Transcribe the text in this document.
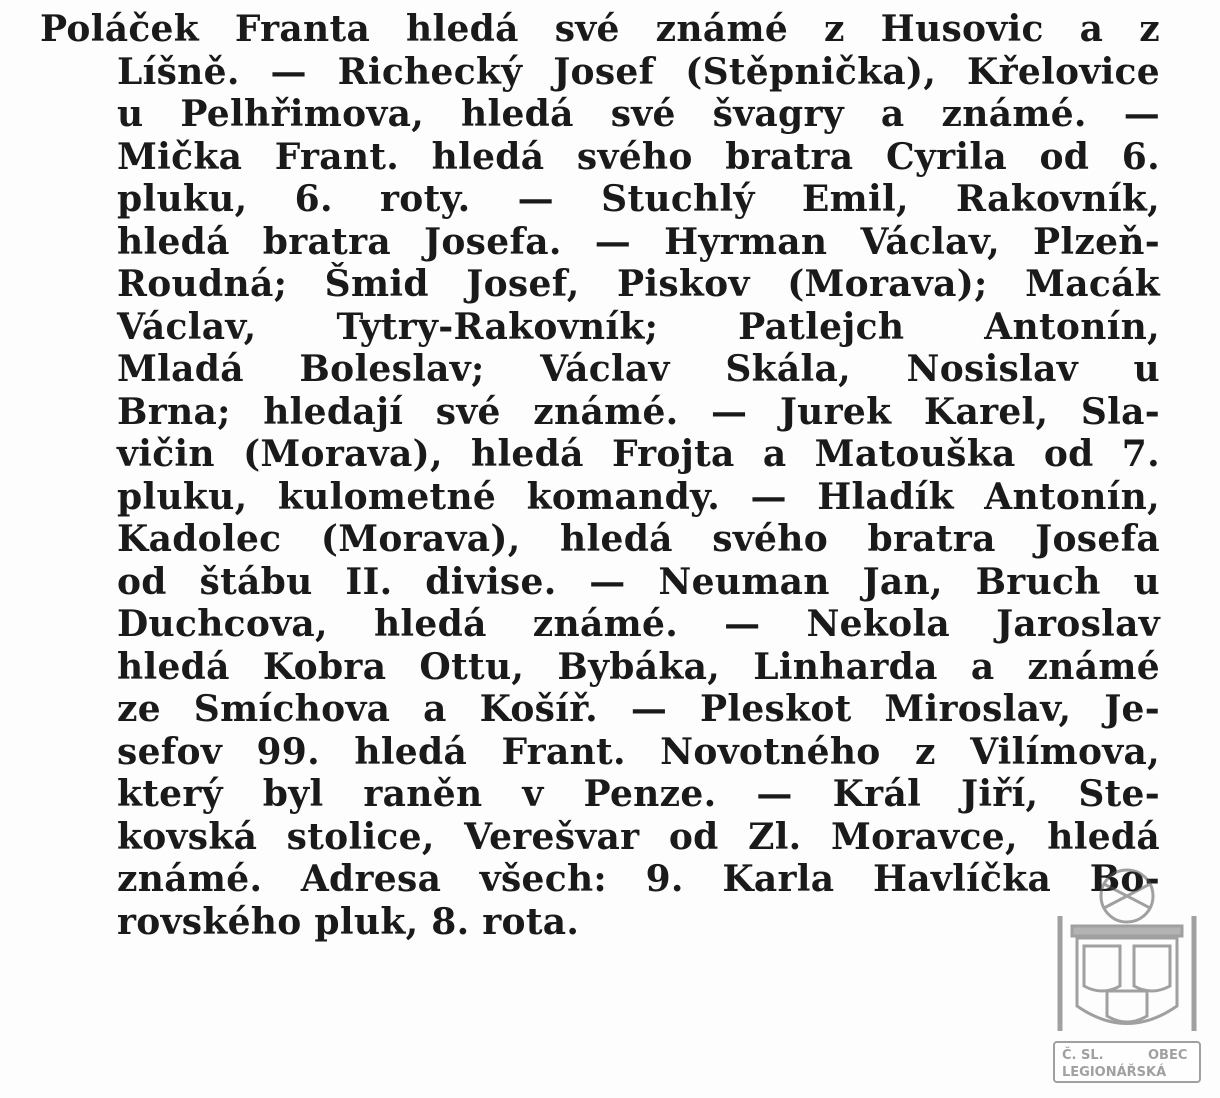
Poláček Franta hledá své známé z Husovic a z
Líšně. — Richecký Josef (Stěpnička), Křelovice
u Pelhřimova, hledá své švagry a známé. —
Mička Frant. hledá svého bratra Cyrila od 6.
pluku, 6. roty. — Stuchlý Emil, Rakovník,
hledá bratra Josefa. — Hyrman Václav, Plzeň-
Roudná; Šmid Josef, Piskov (Morava); Macák
Václav, Tytry-Rakovník; Patlejch Antonín,
Mladá Boleslav; Václav Skála, Nosislav u
Brna; hledají své známé. — Jurek Karel, Sla-
vičin (Morava), hledá Frojta a Matouška od 7.
pluku, kulometné komandy. — Hladík Antonín,
Kadolec (Morava), hledá svého bratra Josefa
od štábu II. divise. — Neuman Jan, Bruch u
Duchcova, hledá známé. — Nekola Jaroslav
hledá Kobra Ottu, Bybáka, Linharda a známé
ze Smíchova a Košíř. — Pleskot Miroslav, Je-
sefov 99. hledá Frant. Novotného z Vilímova,
který byl raněn v Penze. — Král Jiří, Ste-
kovská stolice, Verešvar od Zl. Moravce, hledá
známé. Adresa všech: 9. Karla Havlíčka Bo-
rovského pluk, 8. rota.
Č. SL.	OBEC
LEGIONÁŘSKÁ
